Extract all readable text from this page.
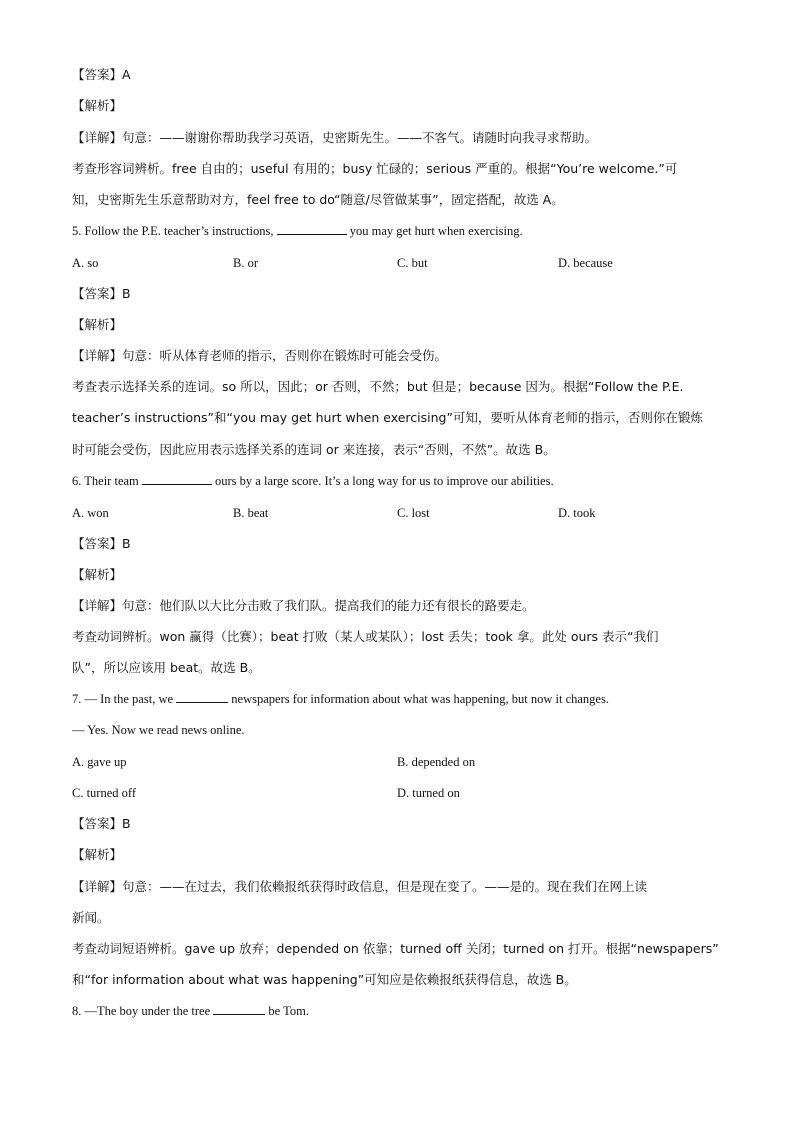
【答案】A
【解析】
【详解】句意：——谢谢你帮助我学习英语，史密斯先生。——不客气。请随时向我寻求帮助。
考查形容词辨析。free 自由的；useful 有用的；busy 忙碌的；serious 严重的。根据“You’re welcome.”可
知，史密斯先生乐意帮助对方，feel free to do“随意/尽管做某事”，固定搭配，故选 A。
5. Follow the P.E. teacher’s instructions,	you may get hurt when exercising.
A. so	B. or	C. but	D. because
【答案】B
【解析】
【详解】句意：听从体育老师的指示，否则你在锻炼时可能会受伤。
考查表示选择关系的连词。so 所以，因此；or 否则，不然；but 但是；because 因为。根据“Follow the P.E.
teacher’s instructions”和“you may get hurt when exercising”可知，要听从体育老师的指示，否则你在锻炼
时可能会受伤，因此应用表示选择关系的连词 or 来连接，表示“否则，不然”。故选 B。
6. Their team	ours by a large score. It’s a long way for us to improve our abilities.
A. won	B. beat	C. lost	D. took
【答案】B
【解析】
【详解】句意：他们队以大比分击败了我们队。提高我们的能力还有很长的路要走。
考查动词辨析。won 赢得（比赛）；beat 打败（某人或某队）；lost 丢失；took 拿。此处 ours 表示“我们
队”，所以应该用 beat。故选 B。
7. — In the past, we	newspapers for information about what was happening, but now it changes.
— Yes. Now we read news online.
A. gave up	B. depended on
C. turned off	D. turned on
【答案】B
【解析】
【详解】句意：——在过去，我们依赖报纸获得时政信息，但是现在变了。——是的。现在我们在网上读
新闻。
考查动词短语辨析。gave up 放弃；depended on 依靠；turned off 关闭；turned on 打开。根据“newspapers”
和“for information about what was happening”可知应是依赖报纸获得信息，故选 B。
8. —The boy under the tree	be Tom.
